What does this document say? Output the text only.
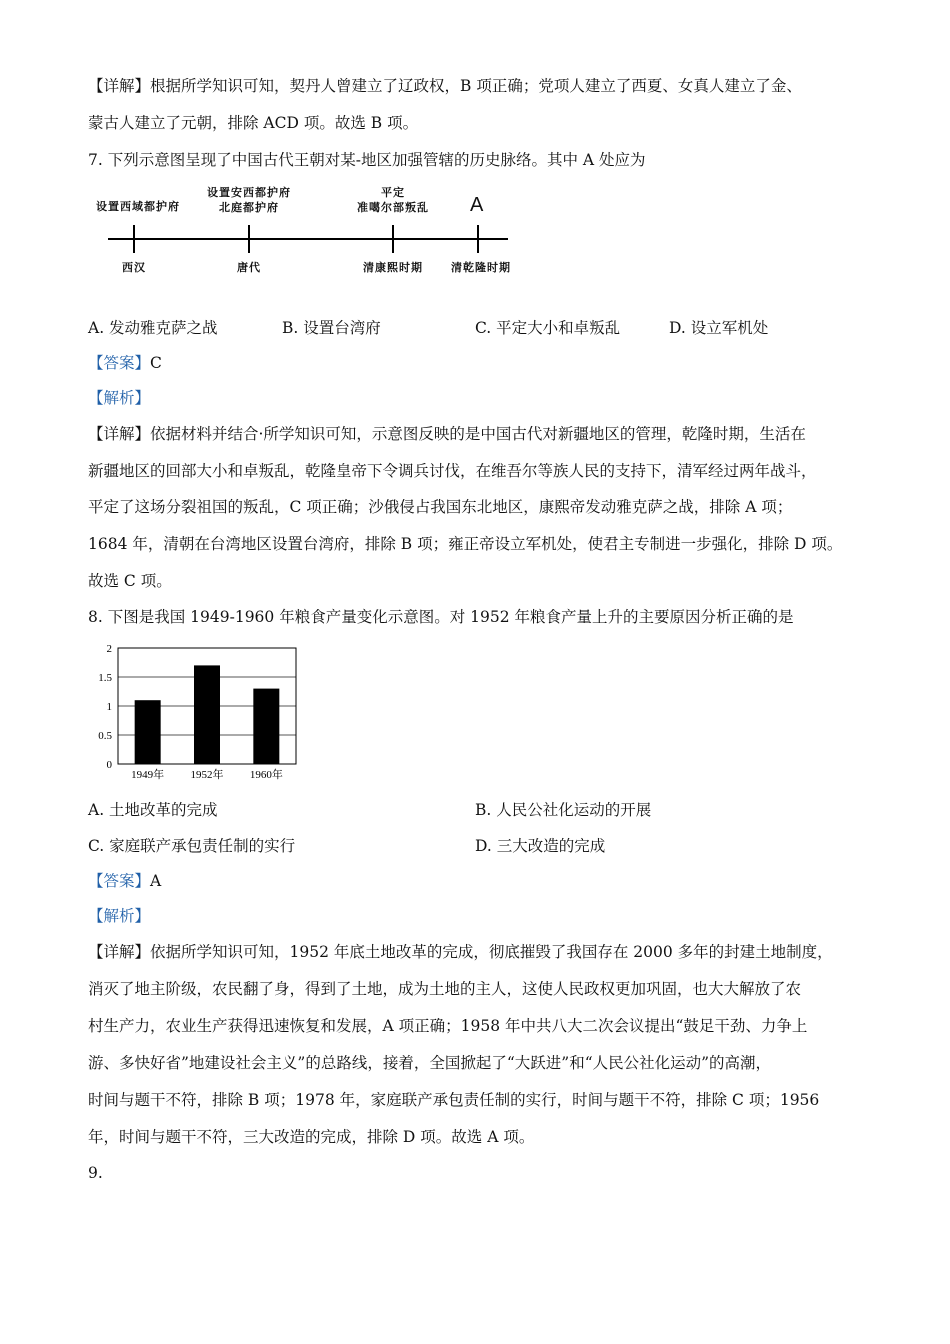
【详解】根据所学知识可知，契丹人曾建立了辽政权，B 项正确；党项人建立了西夏、女真人建立了金、
蒙古人建立了元朝，排除 ACD 项。故选 B 项。
7. 下列示意图呈现了中国古代王朝对某-地区加强管辖的历史脉络。其中 A 处应为
设置西域都护府
设置安西都护府
北庭都护府
平定
准噶尔部叛乱	A
西汉	唐代	清康熙时期	清乾隆时期
A. 发动雅克萨之战	B. 设置台湾府	C. 平定大小和卓叛乱	D. 设立军机处
【答案】C
【解析】
【详解】依据材料并结合·所学知识可知，示意图反映的是中国古代对新疆地区的管理，乾隆时期，生活在
新疆地区的回部大小和卓叛乱，乾隆皇帝下令调兵讨伐，在维吾尔等族人民的支持下，清军经过两年战斗，
平定了这场分裂祖国的叛乱，C 项正确；沙俄侵占我国东北地区，康熙帝发动雅克萨之战，排除 A 项；
1684 年，清朝在台湾地区设置台湾府，排除 B 项；雍正帝设立军机处，使君主专制进一步强化，排除 D 项。
故选 C 项。
8. 下图是我国 1949-1960 年粮食产量变化示意图。对 1952 年粮食产量上升的主要原因分析正确的是
0
0.5
1
1.5
2
1949年 1952年 1960年
A. 土地改革的完成	B. 人民公社化运动的开展
C. 家庭联产承包责任制的实行	D. 三大改造的完成
【答案】A
【解析】
【详解】依据所学知识可知，1952 年底土地改革的完成，彻底摧毁了我国存在 2000 多年的封建土地制度，
消灭了地主阶级，农民翻了身，得到了土地，成为土地的主人，这使人民政权更加巩固，也大大解放了农
村生产力，农业生产获得迅速恢复和发展，A 项正确；1958 年中共八大二次会议提出“鼓足干劲、力争上
游、多快好省”地建设社会主义”的总路线，接着，全国掀起了“大跃进”和“人民公社化运动”的高潮，
时间与题干不符，排除 B 项；1978 年，家庭联产承包责任制的实行，时间与题干不符，排除 C 项；1956
年，时间与题干不符，三大改造的完成，排除 D 项。故选 A 项。
9.
